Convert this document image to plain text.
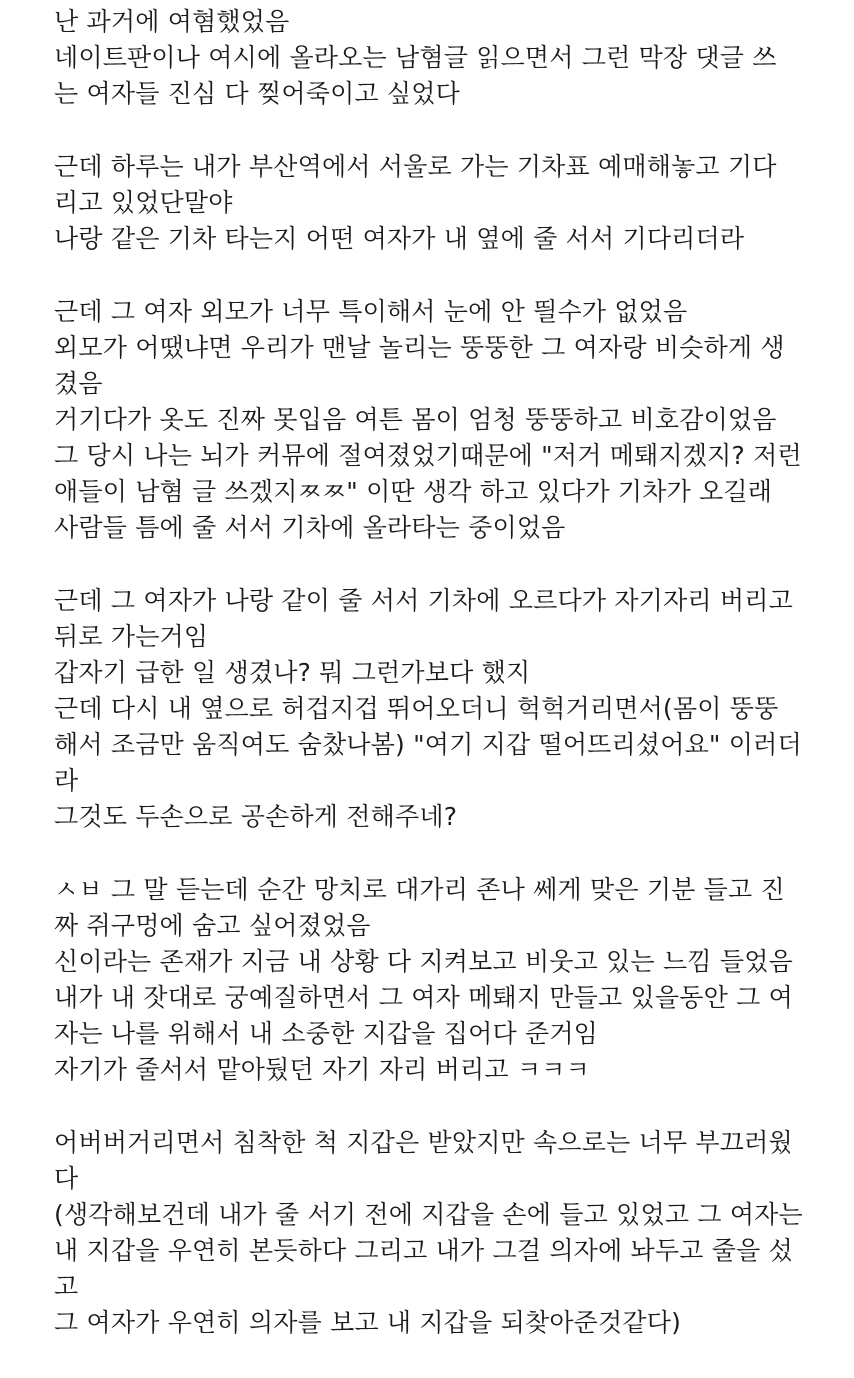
난 과거에 여혐했었음
네이트판이나 여시에 올라오는 남혐글 읽으면서 그런 막장 댓글 쓰
는 여자들 진심 다 찢어죽이고 싶었다
근데 하루는 내가 부산역에서 서울로 가는 기차표 예매해놓고 기다
리고 있었단말야
나랑 같은 기차 타는지 어떤 여자가 내 옆에 줄 서서 기다리더라
근데 그 여자 외모가 너무 특이해서 눈에 안 띌수가 없었음
외모가 어땠냐면 우리가 맨날 놀리는 뚱뚱한 그 여자랑 비슷하게 생
겼음
거기다가 옷도 진짜 못입음 여튼 몸이 엄청 뚱뚱하고 비호감이었음
그 당시 나는 뇌가 커뮤에 절여졌었기때문에 "저거 메퇘지겠지? 저런
애들이 남혐 글 쓰겠지ㅉㅉ" 이딴 생각 하고 있다가 기차가 오길래
사람들 틈에 줄 서서 기차에 올라타는 중이었음
근데 그 여자가 나랑 같이 줄 서서 기차에 오르다가 자기자리 버리고
뒤로 가는거임
갑자기 급한 일 생겼나? 뭐 그런가보다 했지
근데 다시 내 옆으로 허겁지겁 뛰어오더니 헉헉거리면서(몸이 뚱뚱
해서 조금만 움직여도 숨찼나봄) "여기 지갑 떨어뜨리셨어요" 이러더
라
그것도 두손으로 공손하게 전해주네?
ㅅㅂ 그 말 듣는데 순간 망치로 대가리 존나 쎄게 맞은 기분 들고 진
짜 쥐구멍에 숨고 싶어졌었음
신이라는 존재가 지금 내 상황 다 지켜보고 비웃고 있는 느낌 들었음
내가 내 잣대로 궁예질하면서 그 여자 메퇘지 만들고 있을동안 그 여
자는 나를 위해서 내 소중한 지갑을 집어다 준거임
자기가 줄서서 맡아뒀던 자기 자리 버리고 ㅋㅋㅋ
어버버거리면서 침착한 척 지갑은 받았지만 속으로는 너무 부끄러웠
다
(생각해보건데 내가 줄 서기 전에 지갑을 손에 들고 있었고 그 여자는
내 지갑을 우연히 본듯하다 그리고 내가 그걸 의자에 놔두고 줄을 섰
고
그 여자가 우연히 의자를 보고 내 지갑을 되찾아준것같다)
